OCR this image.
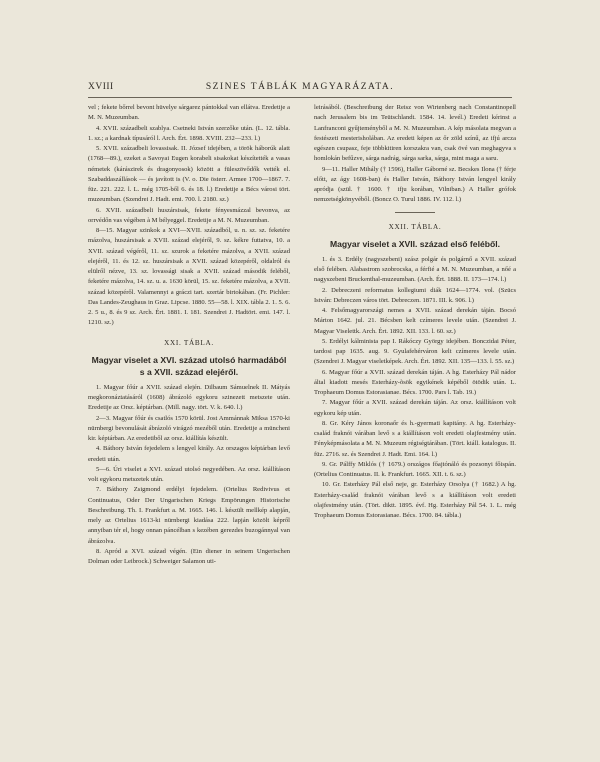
XVIII	SZINES TÁBLÁK MAGYARÁZATA.

vel ; fekete bőrrel bevont hüvelye sárgarez pántokkal van ellátva. Eredetije a M. N. Muzeumban.

4. XVII. századbeli szablya. Csetneki István szerzőke után. (L. 12. tábla. 1. sz.; a kardnak típusáról l. Arch. Ért. 1898. XVIII. 232—233. l.)

5. XVII. századbeli lovassisak. II. József idejében, a török háborúk alatt (1768—89.), ezeket a Savoyai Eugen korabeli sisakokat készítették a vasas németek (kárászirek és dragonyosok) között a füleszövődők vették el. Szabaddaszállások — és javított is (V. o. Die österr. Armee 1700—1867. 7. füz. 221. 222. l. L. még 1705-ből 6. és 18. l.) Eredetije a Bécs városi tört. muzeumban. (Szendrei J. Hadt. emi. 700. l. 2180. sz.)

6. XVII. századbeli huszársisak, fekete fényesmázzal bevonva, az orrvédőn vas végében à M bélyeggel. Eredetije a M. N. Muzeumban.

8—15. Magyar szinkok a XVI—XVII. századból, u. n. sz. sz. feketére mázolva, huszársisak a XVII. század elejéről, 9. sz. kékre futtatva, 10. a XVII. század végéről, 11. sz. szurok a feketére mázolva, a XVII. század elejéről, 11. és 12. sz. huszársisak a XVII. század közepéről, oldalról és elülről nézve, 13. sz. lovassági sisak a XVII. század második feléből, feketére mázolva, 14. sz. u. a. 1630 körül, 15. sz. feketére mázolva, a XVII. század közepéről. Valamennyi a gráczi tart. szertár birtokában. (Fr. Pichler: Das Landes-Zeughaus in Graz. Lipcse. 1880. 55—58. l. XIX. tábla 2. 1. 5. 6. 2. 5 u., 8. és 9 sz. Arch. Ért. 1881. I. 181. Szendrei J. Hadtört. emi. 147. l. 1210. sz.)

XXI. TÁBLA.

Magyar viselet a XVI. század utolsó harmadából s a XVII. század elejéről.

1. Magyar főúr a XVII. század elején. Dilbaum Sámuelnek II. Mátyás megkoronáztatásáról (1608) ábrázoló egykoru szinezett metszete után. Eredetije az Orsz. képtárban. (Mill. nagy. tört. V. k. 640. l.)

2—3. Magyar főúr és csatlós 1570 körül. Jost Ammánnak Miksa 1570-ki nürnbergi bevonulását ábrázoló virágzó mezéből után. Eredetije a müncheni kir. képtárban. Az eredetiből az orsz. kiállítás készült.

4. Báthory István fejedelem s lengyel király. Az orszagos képtárban levő eredeti után.

5—6. Úri viselet a XVI. század utolsó negyedében. Az orsz. kiállításon volt egykoru metszetek után.

7. Báthory Zsigmond erdélyi fejedelem. (Ortelius Redivivus et Continuatus, Oder Der Ungarischen Kriegs Empörungen Historische Beschreibung. Th. I. Frankfurt a. M. 1665. 146. l. készült mellkép alapján, mely az Ortelius 1613-ki nürnbergi kiadása 222. lapján közölt képről annyiban tér el, hogy onnan páncélban s kezében gerezdes buzogánnyal van ábrázolva.

8. Apród a XVI. század végén. (Ein diener in seinem Ungerischen Dolman oder Leibrock.) Schweiger Salamon uti-

leirásából. (Beschreibung der Reisz von Wirtenberg nach Constantinopell nach Jerusalem bis im Teütschlandt. 1584. 14. levél.) Eredeti kérinst a Lanfranconi gyűjteményből a M. N. Muzeumban. A kép másolata megvan a festészeti mesterisholában. Az eredeti képen az őr zöld színű, az ifjú arcza egészen csupasz, feje többkitiren korszakra van, csak övé van meghagyva s homlokán befűzve, sárga nadrág, sárga sarka, sárga, mint maga a saru.

9—11. Haller Mihály († 1596), Haller Gáborné sz. Becskes Ilona († férje előtt, az ágy 1608-ban) és Haller István, Báthory István lengyel király apródja (szül. † 1600. † ifju korában, Vilniban.) A Haller grófok nemzetségkönyvéből. (Boncz O. Turul 1886. IV. 112. l.)

XXII. TÁBLA.

Magyar viselet a XVII. század első feléből.

1. és 3. Erdély (nagyszebeni) szász polgár és polgárnő a XVII. század első felében. Alabastrom szobrocska, a férfié a M. N. Muzeumban, a nőé a nagyszebeni Bruckenthal-muzeumban. (Arch. Ért. 1888. II. 173—174. l.)

2. Debreczeni reformatus kollegiumi diák 1624—1774. vol. (Szücs István: Debreczen város tört. Debreczen. 1871. III. k. 906. l.)

4. Felsőmagyarországi nemes a XVII. század derekán táján. Bocsó Márton 1642. jul. 21. Bécsben kelt czímeres levele után. (Szendrei J. Magyar Viselettk. Arch. Ért. 1892. XII. 133. l. 60. sz.)

5. Erdélyi kálminista pap I. Rákóczy György idejében. Bonczidai Péter, tardosi pap 1635. aug. 9. Gyulafehérváron kelt czímeres levele után. (Szendrei J. Magyar viseletképek. Arch. Ért. 1892. XII. 135—133. l. 55. sz.)

6. Magyar főúr a XVII. század derekán táján. A hg. Esterházy Pál nádor által kiadott mesés Esterházy-õsök egyikének képéből ötödik után. L. Trophaeum Domus Estorasianae. Bécs. 1700. Pars l. Tab. 19.)

7. Magyar főúr a XVII. század derekán táján. Az orsz. kiállításon volt egykoru kép után.

8. Gr. Kéry János koronaőr és h.-gyermati kapitány. A hg. Esterházy-család fraknói várában levő s a kiállításon volt eredeti olajfestmény után. Fényképmásolata a M. N. Muzeum régiségtárában. (Tört. kiáll. katalogus. II. füz. 2716. sz. és Szendrei J. Hadt. Emi. 164. l.)

9. Gr. Pálffy Miklós († 1679.) országos főajtónáló és pozsonyi főispán. (Ortelius Continuatus. II. k. Frankfurt. 1665. XII. t. 6. sz.)

10. Gr. Esterházy Pál első neje, gr. Esterházy Orsolya († 1682.) A hg. Esterházy-család fraknói várában levő s a kiállításon volt eredeti olajfestmény után. (Tört. diktt. 1895. évf. Hg. Esterházy Pál 54. 1. L. még Trophaeum Domus Estorasianae. Bécs. 1700. 84. tábla.)
